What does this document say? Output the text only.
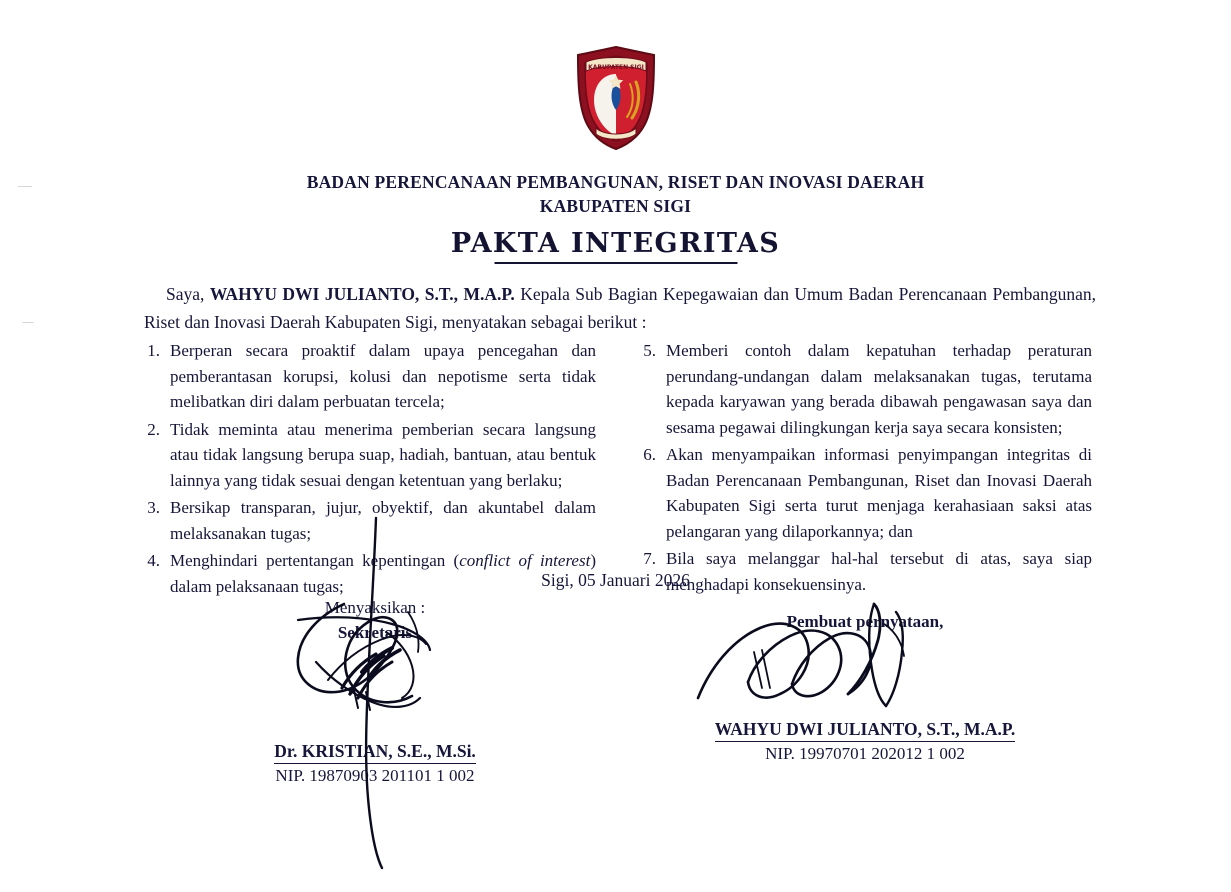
KABUPATEN SIGI
BADAN PERENCANAAN PEMBANGUNAN, RISET DAN INOVASI DAERAH
KABUPATEN SIGI
PAKTA INTEGRITAS
Saya, WAHYU DWI JULIANTO, S.T., M.A.P. Kepala Sub Bagian Kepegawaian dan Umum Badan Perencanaan Pembangunan, Riset dan Inovasi Daerah Kabupaten Sigi, menyatakan sebagai berikut :
1. Berperan secara proaktif dalam upaya pencegahan dan pemberantasan korupsi, kolusi dan nepotisme serta tidak melibatkan diri dalam perbuatan tercela;
2. Tidak meminta atau menerima pemberian secara langsung atau tidak langsung berupa suap, hadiah, bantuan, atau bentuk lainnya yang tidak sesuai dengan ketentuan yang berlaku;
3. Bersikap transparan, jujur, obyektif, dan akuntabel dalam melaksanakan tugas;
4. Menghindari pertentangan kepentingan (conflict of interest) dalam pelaksanaan tugas;
5. Memberi contoh dalam kepatuhan terhadap peraturan perundang-undangan dalam melaksanakan tugas, terutama kepada karyawan yang berada dibawah pengawasan saya dan sesama pegawai dilingkungan kerja saya secara konsisten;
6. Akan menyampaikan informasi penyimpangan integritas di Badan Perencanaan Pembangunan, Riset dan Inovasi Daerah Kabupaten Sigi serta turut menjaga kerahasiaan saksi atas pelangaran yang dilaporkannya; dan
7. Bila saya melanggar hal-hal tersebut di atas, saya siap menghadapi konsekuensinya.
Sigi, 05 Januari 2026
Menyaksikan :
Sekretaris
Dr. KRISTIAN, S.E., M.Si.
NIP. 19870903 201101 1 002
Pembuat pernyataan,
WAHYU DWI JULIANTO, S.T., M.A.P.
NIP. 19970701 202012 1 002
